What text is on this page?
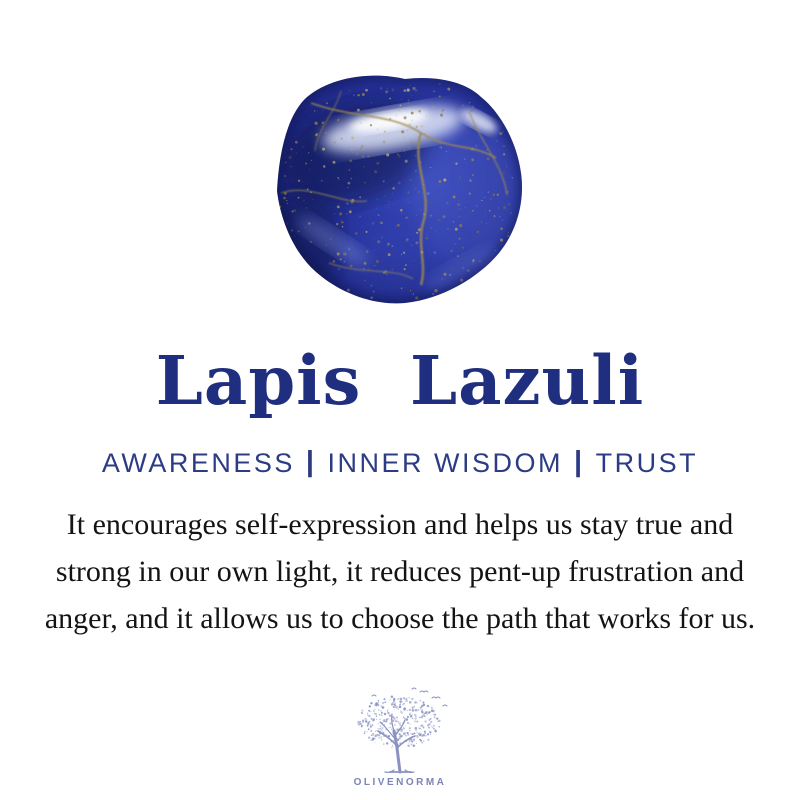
Lapis  Lazuli
AWARENESS | INNER WISDOM | TRUST
It encourages self-expression and helps us stay true and
strong in our own light, it reduces pent-up frustration and
anger, and it allows us to choose the path that works for us.
OLIVENORMA
